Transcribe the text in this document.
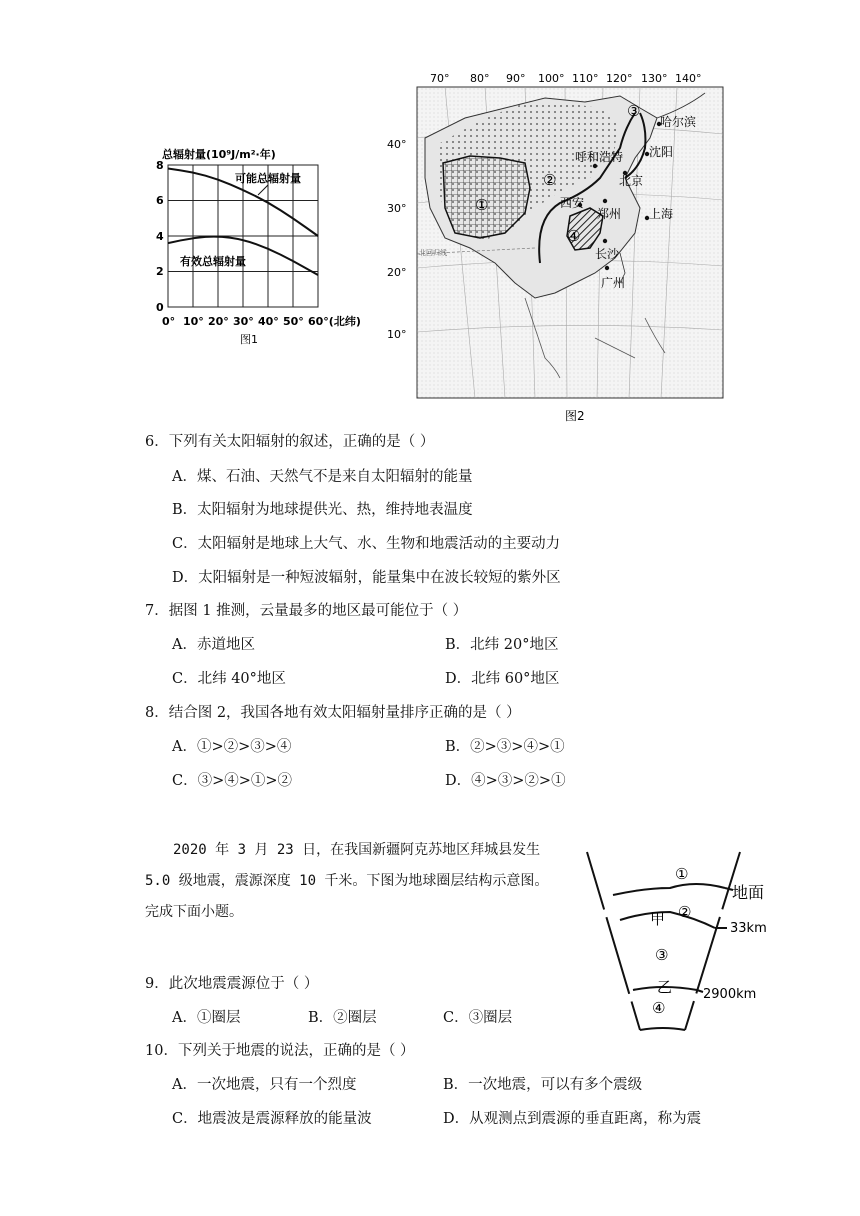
总辐射量(10⁹J/m²·年)
8
6
4
2
0
0° 10° 20° 30° 40° 50° 60°(北纬)
可能总辐射量
有效总辐射量
图1
70° 80° 90° 100° 110° 120° 130° 140°
40°
30°
20°
10°
北回归线
①
②
③
④
哈尔滨
呼和浩特 沈阳
北京
西安
郑州 上海
长沙
广州
图2
6．下列有关太阳辐射的叙述，正确的是（ ）
A．煤、石油、天然气不是来自太阳辐射的能量
B．太阳辐射为地球提供光、热，维持地表温度
C．太阳辐射是地球上大气、水、生物和地震活动的主要动力
D．太阳辐射是一种短波辐射，能量集中在波长较短的紫外区
7．据图 1 推测，云量最多的地区最可能位于（ ）
A．赤道地区	B．北纬 20°地区
C．北纬 40°地区	D．北纬 60°地区
8．结合图 2，我国各地有效太阳辐射量排序正确的是（ ）
A．①>②>③>④	B．②>③>④>①
C．③>④>①>②	D．④>③>②>①
2020 年 3 月 23 日，在我国新疆阿克苏地区拜城县发生 5.0 级地震，震源深度 10 千米。下图为地球圈层结构示意图。完成下面小题。
①
②
③
④
甲
乙
地面
33km
2900km
9．此次地震震源位于（ ）
A．①圈层	B．②圈层	C．③圈层
10．下列关于地震的说法，正确的是（ ）
A．一次地震，只有一个烈度	B．一次地震，可以有多个震级
C．地震波是震源释放的能量波	D．从观测点到震源的垂直距离，称为震
